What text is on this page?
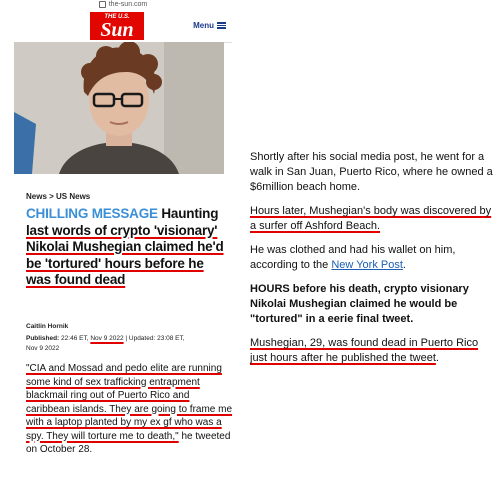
the-sun.com
THE U.S.
Sun	Menu
News > US News
CHILLING MESSAGE Haunting last words of crypto 'visionary' Nikolai Mushegian claimed he'd be 'tortured' hours before he was found dead
Caitlin Hornik
Published: 22:46 ET, Nov 9 2022 | Updated: 23:08 ET,
Nov 9 2022
"CIA and Mossad and pedo elite are running some kind of sex trafficking entrapment blackmail ring out of Puerto Rico and caribbean islands. They are going to frame me with a laptop planted by my ex gf who was a spy. They will torture me to death," he tweeted on October 28.

Shortly after his social media post, he went for a walk in San Juan, Puerto Rico, where he owned a $6million beach home.

Hours later, Mushegian's body was discovered by a surfer off Ashford Beach.

He was clothed and had his wallet on him, according to the New York Post.

HOURS before his death, crypto visionary Nikolai Mushegian claimed he would be "tortured" in a eerie final tweet.

Mushegian, 29, was found dead in Puerto Rico just hours after he published the tweet.
